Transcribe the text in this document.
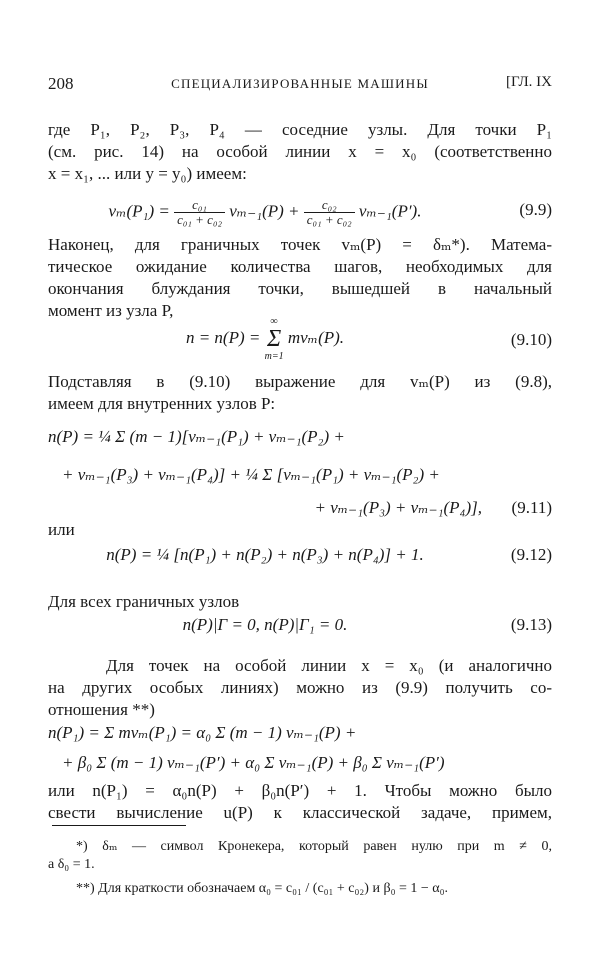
208	СПЕЦИАЛИЗИРОВАННЫЕ МАШИНЫ	[ГЛ. IX
где P₁, P₂, P₃, P₄ — соседние узлы. Для точки P₁
(см. рис. 14) на особой линии x = x₀ (соответственно
x = x₁, ... или y = y₀) имеем:
$v_m(P_1) = \frac{\text{c₀₁}}{\text{c₀₁ + c₀₂}} v_{m-1}(P) + \frac{\text{c₀₂}}{\text{c₀₁ + c₀₂}} v_{m-1}(P')$.	(9.9)
Наконец, для граничных точек vₘ(P) = δₘ*). Матема-
тическое ожидание количества шагов, необходимых для
окончания блуждания точки, вышедшей в начальный
момент из узла P,
n = n(P) = ∞
Σ
m=1 mvₘ(P).	(9.10)
Подставляя в (9.10) выражение для vₘ(P) из (9.8),
имеем для внутренних узлов P:
n(P) = ¼ Σ (m − 1)[vₘ₋₁(P₁) + vₘ₋₁(P₂) +
+ vₘ₋₁(P₃) + vₘ₋₁(P₄)] + ¼ Σ [vₘ₋₁(P₁) + vₘ₋₁(P₂) +
+ vₘ₋₁(P₃) + vₘ₋₁(P₄)], (9.11)
или
n(P) = ¼ [n(P₁) + n(P₂) + n(P₃) + n(P₄)] + 1.	(9.12)
Для всех граничных узлов
n(P)|Γ = 0, n(P)|Γ₁ = 0.	(9.13)
Для точек на особой линии x = x₀ (и аналогично
на других особых линиях) можно из (9.9) получить со-
отношения **)
n(P₁) = Σ mvₘ(P₁) = α₀ Σ (m − 1) vₘ₋₁(P) +
+ β₀ Σ (m − 1) vₘ₋₁(P′) + α₀ Σ vₘ₋₁(P) + β₀ Σ vₘ₋₁(P′)
или n(P₁) = α₀n(P) + β₀n(P′) + 1. Чтобы можно было
свести вычисление u(P) к классической задаче, примем,
*) δₘ — символ Кронекера, который равен нулю при m ≠ 0,
а δ₀ = 1.
**) Для краткости обозначаем α₀ = c₀₁ / (c₀₁ + c₀₂) и β₀ = 1 − α₀.
